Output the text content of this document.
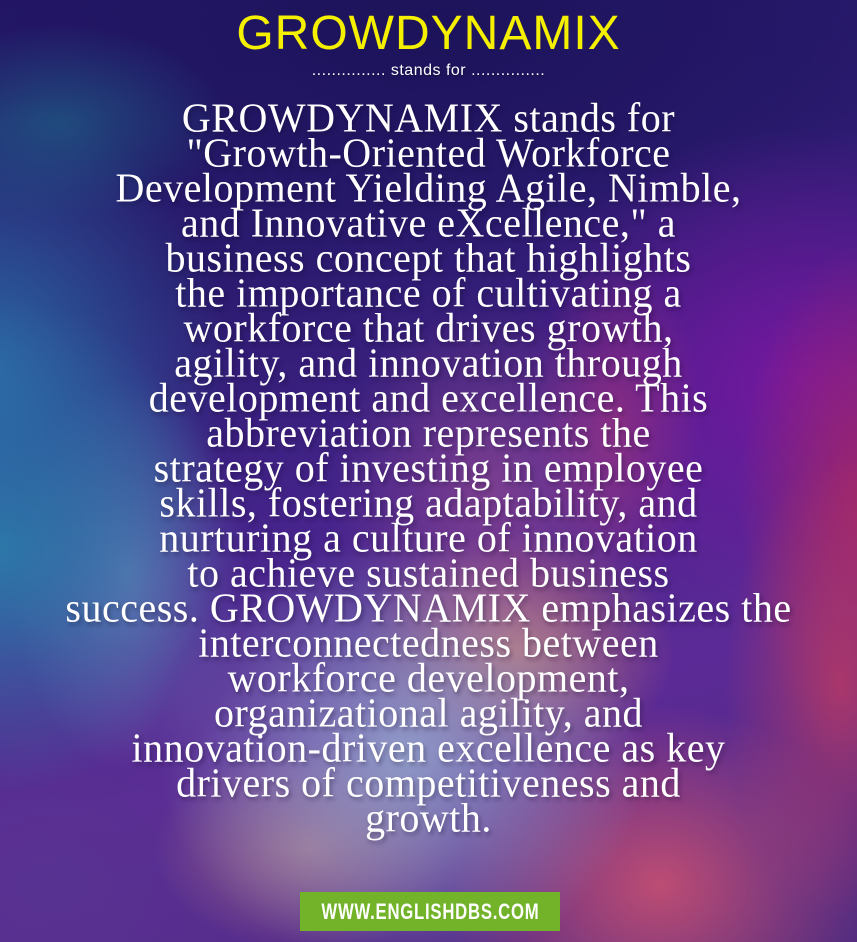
GROWDYNAMIX
............... stands for ...............
GROWDYNAMIX stands for
"Growth-Oriented Workforce
Development Yielding Agile, Nimble,
and Innovative eXcellence," a
business concept that highlights
the importance of cultivating a
workforce that drives growth,
agility, and innovation through
development and excellence. This
abbreviation represents the
strategy of investing in employee
skills, fostering adaptability, and
nurturing a culture of innovation
to achieve sustained business
success. GROWDYNAMIX emphasizes the
interconnectedness between
workforce development,
organizational agility, and
innovation-driven excellence as key
drivers of competitiveness and
growth.
WWW.ENGLISHDBS.COM
